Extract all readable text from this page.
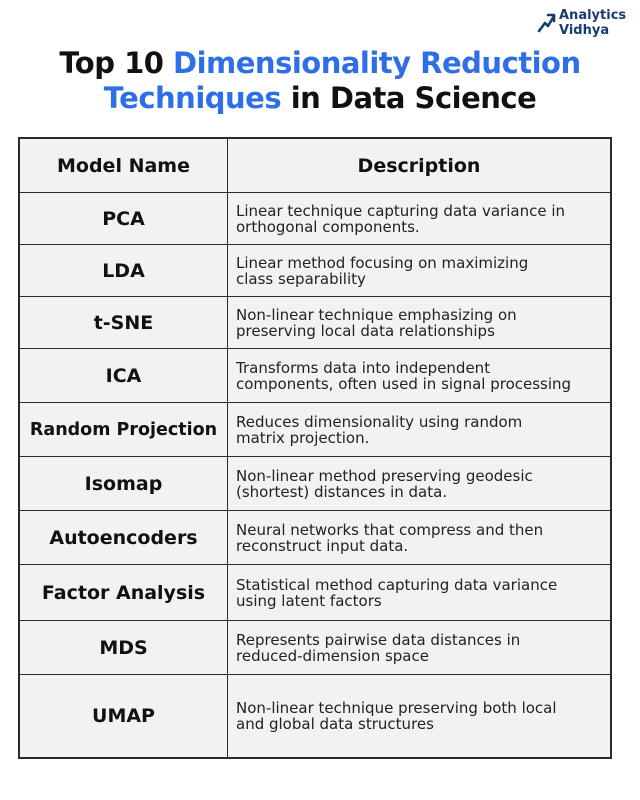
Analytics
Vidhya
Top 10 Dimensionality Reduction
Techniques in Data Science
Model Name	Description
PCA	Linear technique capturing data variance in
orthogonal components.
LDA	Linear method focusing on maximizing
class separability
t-SNE	Non-linear technique emphasizing on
preserving local data relationships
ICA	Transforms data into independent
components, often used in signal processing
Random Projection	Reduces dimensionality using random
matrix projection.
Isomap	Non-linear method preserving geodesic
(shortest) distances in data.
Autoencoders	Neural networks that compress and then
reconstruct input data.
Factor Analysis	Statistical method capturing data variance
using latent factors
MDS	Represents pairwise data distances in
reduced-dimension space
UMAP	Non-linear technique preserving both local
and global data structures
